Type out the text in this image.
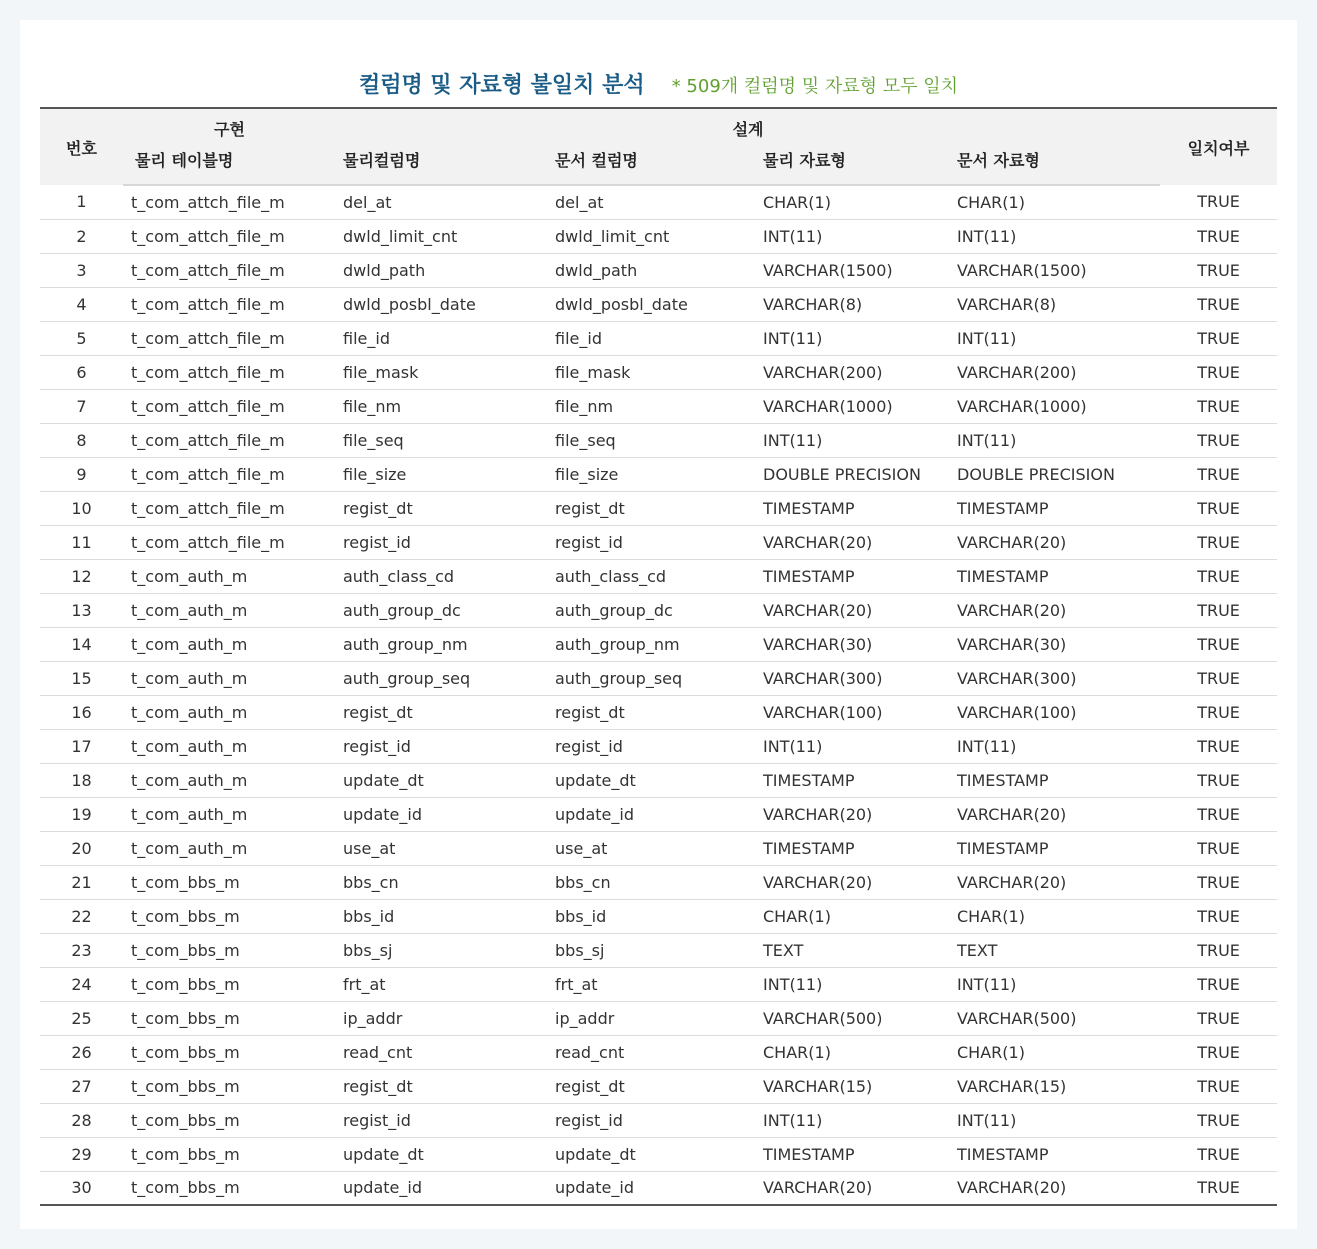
컬럼명 및 자료형 불일치 분석 * 509개 컬럼명 및 자료형 모두 일치
번호	구현	설계				일치여부
	물리 테이블명	물리컬럼명	문서 컬럼명	물리 자료형	문서 자료형	
1	t_com_attch_file_m	del_at	del_at	CHAR(1)	CHAR(1)	TRUE
2	t_com_attch_file_m	dwld_limit_cnt	dwld_limit_cnt	INT(11)	INT(11)	TRUE
3	t_com_attch_file_m	dwld_path	dwld_path	VARCHAR(1500)	VARCHAR(1500)	TRUE
4	t_com_attch_file_m	dwld_posbl_date	dwld_posbl_date	VARCHAR(8)	VARCHAR(8)	TRUE
5	t_com_attch_file_m	file_id	file_id	INT(11)	INT(11)	TRUE
6	t_com_attch_file_m	file_mask	file_mask	VARCHAR(200)	VARCHAR(200)	TRUE
7	t_com_attch_file_m	file_nm	file_nm	VARCHAR(1000)	VARCHAR(1000)	TRUE
8	t_com_attch_file_m	file_seq	file_seq	INT(11)	INT(11)	TRUE
9	t_com_attch_file_m	file_size	file_size	DOUBLE PRECISION	DOUBLE PRECISION	TRUE
10	t_com_attch_file_m	regist_dt	regist_dt	TIMESTAMP	TIMESTAMP	TRUE
11	t_com_attch_file_m	regist_id	regist_id	VARCHAR(20)	VARCHAR(20)	TRUE
12	t_com_auth_m	auth_class_cd	auth_class_cd	TIMESTAMP	TIMESTAMP	TRUE
13	t_com_auth_m	auth_group_dc	auth_group_dc	VARCHAR(20)	VARCHAR(20)	TRUE
14	t_com_auth_m	auth_group_nm	auth_group_nm	VARCHAR(30)	VARCHAR(30)	TRUE
15	t_com_auth_m	auth_group_seq	auth_group_seq	VARCHAR(300)	VARCHAR(300)	TRUE
16	t_com_auth_m	regist_dt	regist_dt	VARCHAR(100)	VARCHAR(100)	TRUE
17	t_com_auth_m	regist_id	regist_id	INT(11)	INT(11)	TRUE
18	t_com_auth_m	update_dt	update_dt	TIMESTAMP	TIMESTAMP	TRUE
19	t_com_auth_m	update_id	update_id	VARCHAR(20)	VARCHAR(20)	TRUE
20	t_com_auth_m	use_at	use_at	TIMESTAMP	TIMESTAMP	TRUE
21	t_com_bbs_m	bbs_cn	bbs_cn	VARCHAR(20)	VARCHAR(20)	TRUE
22	t_com_bbs_m	bbs_id	bbs_id	CHAR(1)	CHAR(1)	TRUE
23	t_com_bbs_m	bbs_sj	bbs_sj	TEXT	TEXT	TRUE
24	t_com_bbs_m	frt_at	frt_at	INT(11)	INT(11)	TRUE
25	t_com_bbs_m	ip_addr	ip_addr	VARCHAR(500)	VARCHAR(500)	TRUE
26	t_com_bbs_m	read_cnt	read_cnt	CHAR(1)	CHAR(1)	TRUE
27	t_com_bbs_m	regist_dt	regist_dt	VARCHAR(15)	VARCHAR(15)	TRUE
28	t_com_bbs_m	regist_id	regist_id	INT(11)	INT(11)	TRUE
29	t_com_bbs_m	update_dt	update_dt	TIMESTAMP	TIMESTAMP	TRUE
30	t_com_bbs_m	update_id	update_id	VARCHAR(20)	VARCHAR(20)	TRUE
